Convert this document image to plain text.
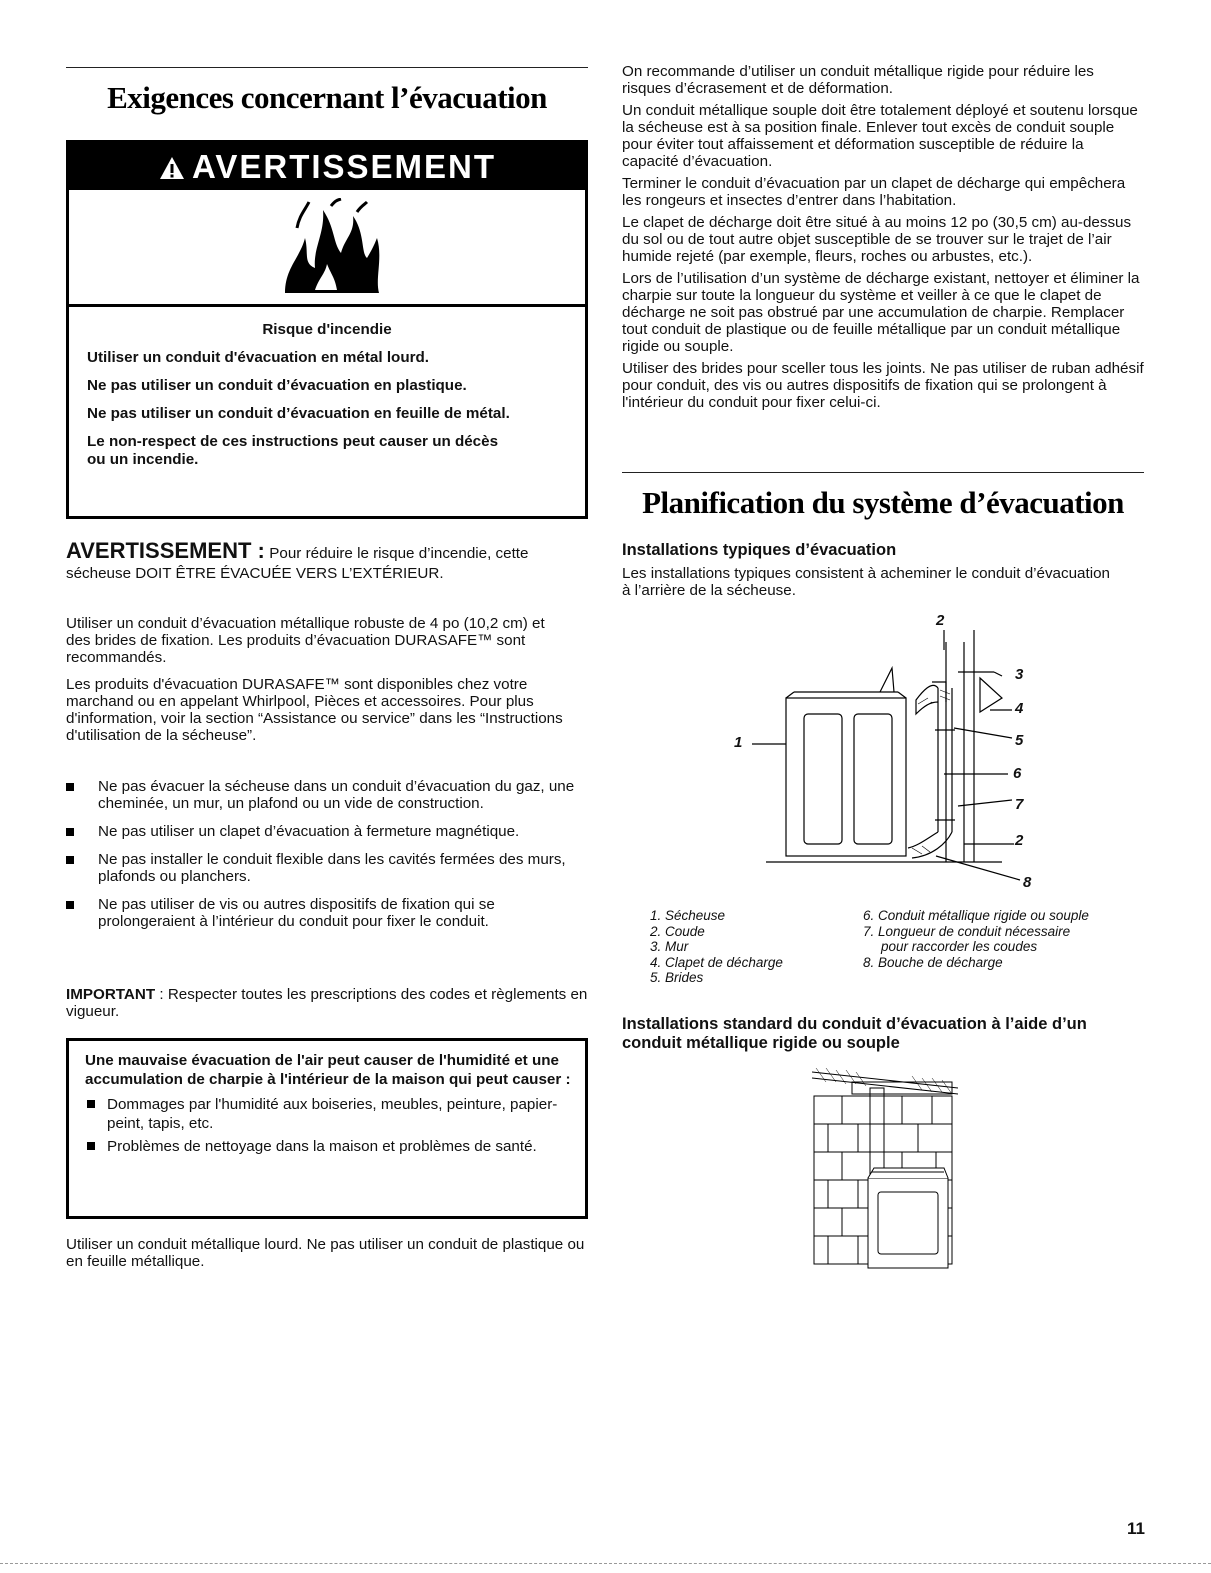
Exigences concernant l’évacuation
AVERTISSEMENT

Risque d'incendie

Utiliser un conduit d'évacuation en métal lourd.

Ne pas utiliser un conduit d’évacuation en plastique.

Ne pas utiliser un conduit d’évacuation en feuille de métal.

Le non-respect de ces instructions peut causer un décès ou un incendie.

AVERTISSEMENT : Pour réduire le risque d’incendie, cette
sécheuse DOIT ÊTRE ÉVACUÉE VERS L’EXTÉRIEUR.

Utiliser un conduit d’évacuation métallique robuste de 4 po (10,2 cm) et des brides de fixation. Les produits d’évacuation DURASAFE™ sont recommandés.

Les produits d'évacuation DURASAFE™ sont disponibles chez votre marchand ou en appelant Whirlpool, Pièces et accessoires. Pour plus d'information, voir la section “Assistance ou service” dans les “Instructions d'utilisation de la sécheuse”.

Ne pas évacuer la sécheuse dans un conduit d’évacuation du gaz, une cheminée, un mur, un plafond ou un vide de construction.
Ne pas utiliser un clapet d’évacuation à fermeture magnétique.
Ne pas installer le conduit flexible dans les cavités fermées des murs, plafonds ou planchers.
Ne pas utiliser de vis ou autres dispositifs de fixation qui se prolongeraient à l’intérieur du conduit pour fixer le conduit.

IMPORTANT : Respecter toutes les prescriptions des codes et règlements en vigueur.

Une mauvaise évacuation de l'air peut causer de l'humidité et une accumulation de charpie à l'intérieur de la maison qui peut causer :

Dommages par l'humidité aux boiseries, meubles, peinture, papier-peint, tapis, etc.

Problèmes de nettoyage dans la maison et problèmes de santé.

Utiliser un conduit métallique lourd. Ne pas utiliser un conduit de plastique ou en feuille métallique.

On recommande d’utiliser un conduit métallique rigide pour réduire les risques d’écrasement et de déformation.

Un conduit métallique souple doit être totalement déployé et soutenu lorsque la sécheuse est à sa position finale. Enlever tout excès de conduit souple pour éviter tout affaissement et déformation susceptible de réduire la capacité d’évacuation.

Terminer le conduit d’évacuation par un clapet de décharge qui empêchera les rongeurs et insectes d’entrer dans l’habitation.

Le clapet de décharge doit être situé à au moins 12 po (30,5 cm) au-dessus du sol ou de tout autre objet susceptible de se trouver sur le trajet de l’air humide rejeté (par exemple, fleurs, roches ou arbustes, etc.).

Lors de l’utilisation d’un système de décharge existant, nettoyer et éliminer la charpie sur toute la longueur du système et veiller à ce que le clapet de décharge ne soit pas obstrué par une accumulation de charpie. Remplacer tout conduit de plastique ou de feuille métallique par un conduit métallique rigide ou souple.

Utiliser des brides pour sceller tous les joints. Ne pas utiliser de ruban adhésif pour conduit, des vis ou autres dispositifs de fixation qui se prolongent à l'intérieur du conduit pour fixer celui-ci.

Planification du système d’évacuation

Installations typiques d’évacuation

Les installations typiques consistent à acheminer le conduit d’évacuation à l’arrière de la sécheuse.

1
2
3
4
5
6
7
2
8
1. Sécheuse
2. Coude
3. Mur
4. Clapet de décharge
5. Brides
6. Conduit métallique rigide ou souple
7. Longueur de conduit nécessaire
pour raccorder les coudes
8. Bouche de décharge

Installations standard du conduit d’évacuation à l’aide d’un conduit métallique rigide ou souple

11
